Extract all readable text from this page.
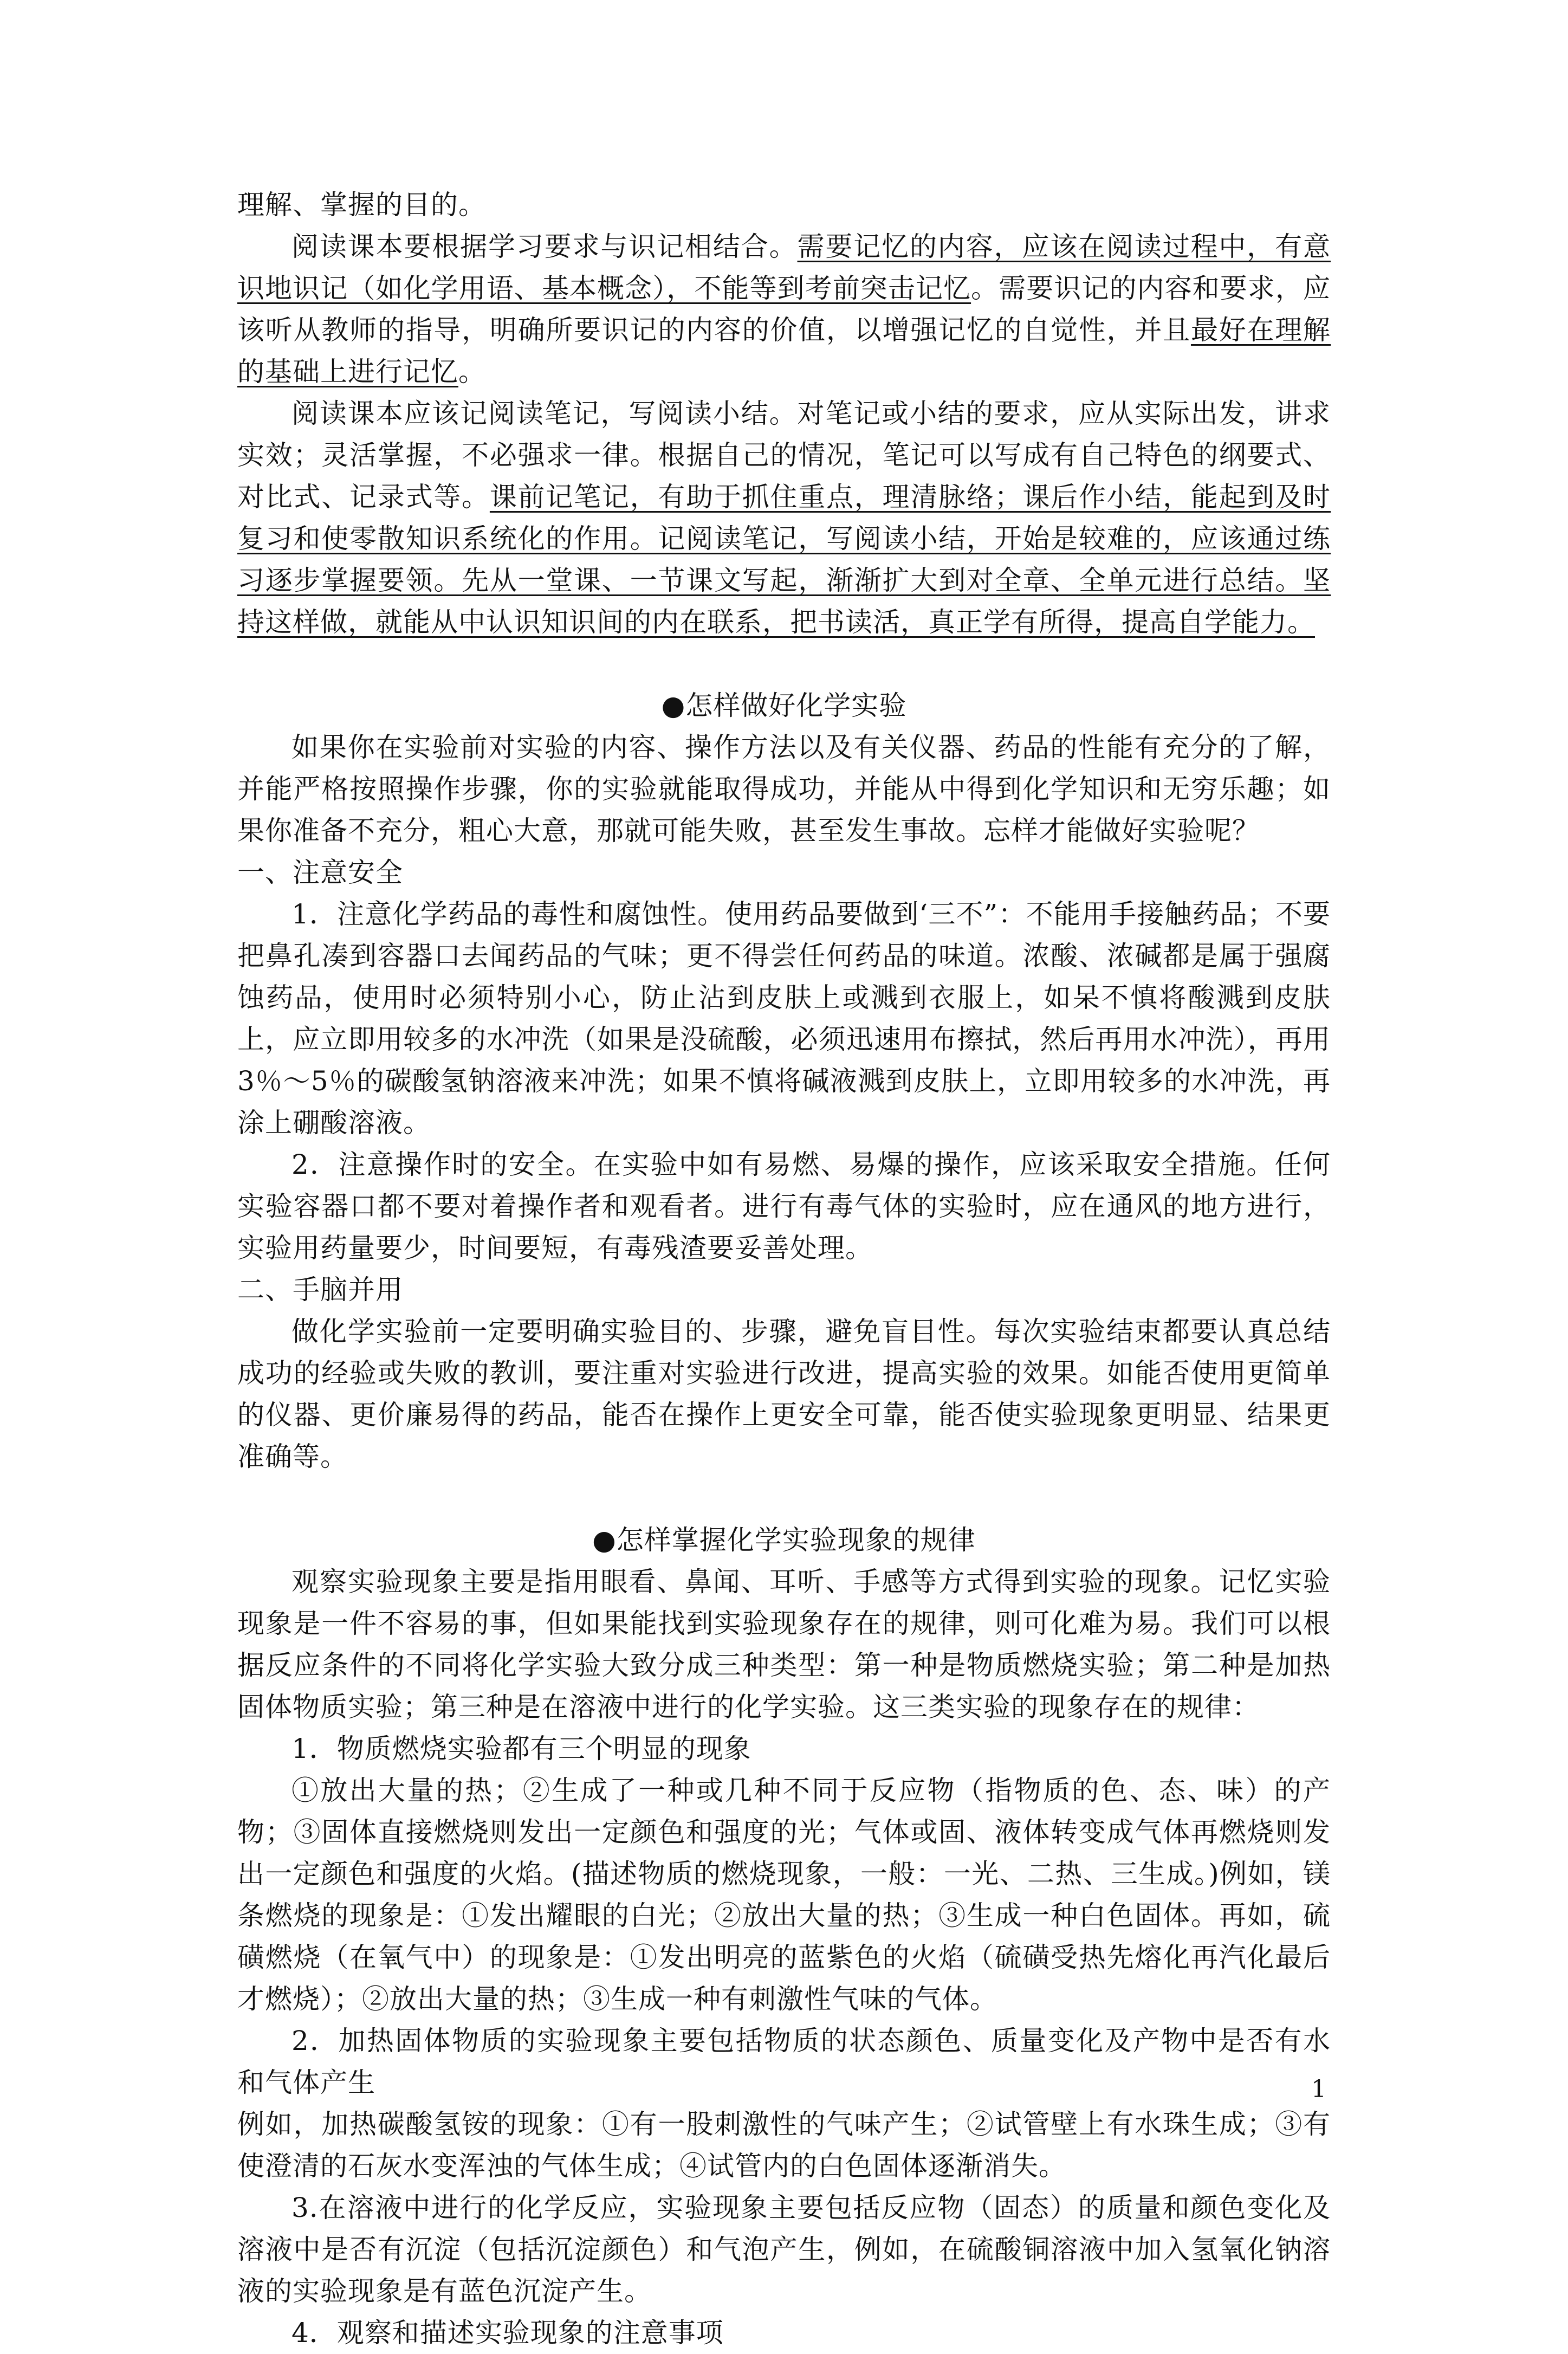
理解、掌握的目的。

阅读课本要根据学习要求与识记相结合。需要记忆的内容，应该在阅读过程中，有意识地识记（如化学用语、基本概念），不能等到考前突击记忆。需要识记的内容和要求，应该听从教师的指导，明确所要识记的内容的价值，以增强记忆的自觉性，并且最好在理解的基础上进行记忆。

阅读课本应该记阅读笔记，写阅读小结。对笔记或小结的要求，应从实际出发，讲求实效；灵活掌握，不必强求一律。根据自己的情况，笔记可以写成有自己特色的纲要式、对比式、记录式等。课前记笔记，有助于抓住重点，理清脉络；课后作小结，能起到及时复习和使零散知识系统化的作用。记阅读笔记，写阅读小结，开始是较难的，应该通过练习逐步掌握要领。先从一堂课、一节课文写起，渐渐扩大到对全章、全单元进行总结。坚持这样做，就能从中认识知识间的内在联系，把书读活，真正学有所得，提高自学能力。

●怎样做好化学实验

如果你在实验前对实验的内容、操作方法以及有关仪器、药品的性能有充分的了解，并能严格按照操作步骤，你的实验就能取得成功，并能从中得到化学知识和无穷乐趣；如果你准备不充分，粗心大意，那就可能失败，甚至发生事故。忘样才能做好实验呢？

一、注意安全

1．注意化学药品的毒性和腐蚀性。使用药品要做到‘三不”：不能用手接触药品；不要把鼻孔凑到容器口去闻药品的气味；更不得尝任何药品的味道。浓酸、浓碱都是属于强腐蚀药品，使用时必须特别小心，防止沾到皮肤上或溅到衣服上，如呆不慎将酸溅到皮肤上，应立即用较多的水冲洗（如果是没硫酸，必须迅速用布擦拭，然后再用水冲洗），再用 3％～5％的碳酸氢钠溶液来冲洗；如果不慎将碱液溅到皮肤上，立即用较多的水冲洗，再涂上硼酸溶液。

2．注意操作时的安全。在实验中如有易燃、易爆的操作，应该采取安全措施。任何实验容器口都不要对着操作者和观看者。进行有毒气体的实验时，应在通风的地方进行，实验用药量要少，时间要短，有毒残渣要妥善处理。

二、手脑并用

做化学实验前一定要明确实验目的、步骤，避免盲目性。每次实验结束都要认真总结成功的经验或失败的教训，要注重对实验进行改进，提高实验的效果。如能否使用更简单的仪器、更价廉易得的药品，能否在操作上更安全可靠，能否使实验现象更明显、结果更准确等。

●怎样掌握化学实验现象的规律

观察实验现象主要是指用眼看、鼻闻、耳听、手感等方式得到实验的现象。记忆实验现象是一件不容易的事，但如果能找到实验现象存在的规律，则可化难为易。我们可以根据反应条件的不同将化学实验大致分成三种类型：第一种是物质燃烧实验；第二种是加热固体物质实验；第三种是在溶液中进行的化学实验。这三类实验的现象存在的规律：

1．物质燃烧实验都有三个明显的现象

①放出大量的热；②生成了一种或几种不同于反应物（指物质的色、态、味）的产物；③固体直接燃烧则发出一定颜色和强度的光；气体或固、液体转变成气体再燃烧则发出一定颜色和强度的火焰。(描述物质的燃烧现象，一般：一光、二热、三生成。)例如，镁条燃烧的现象是：①发出耀眼的白光；②放出大量的热；③生成一种白色固体。再如，硫磺燃烧（在氧气中）的现象是：①发出明亮的蓝紫色的火焰（硫磺受热先熔化再汽化最后才燃烧）；②放出大量的热；③生成一种有刺激性气味的气体。

2．加热固体物质的实验现象主要包括物质的状态颜色、质量变化及产物中是否有水和气体产生

例如，加热碳酸氢铵的现象：①有一股刺激性的气味产生；②试管壁上有水珠生成；③有使澄清的石灰水变浑浊的气体生成；④试管内的白色固体逐渐消失。

3.在溶液中进行的化学反应，实验现象主要包括反应物（固态）的质量和颜色变化及溶液中是否有沉淀（包括沉淀颜色）和气泡产生，例如，在硫酸铜溶液中加入氢氧化钠溶液的实验现象是有蓝色沉淀产生。

4．观察和描述实验现象的注意事项

1
